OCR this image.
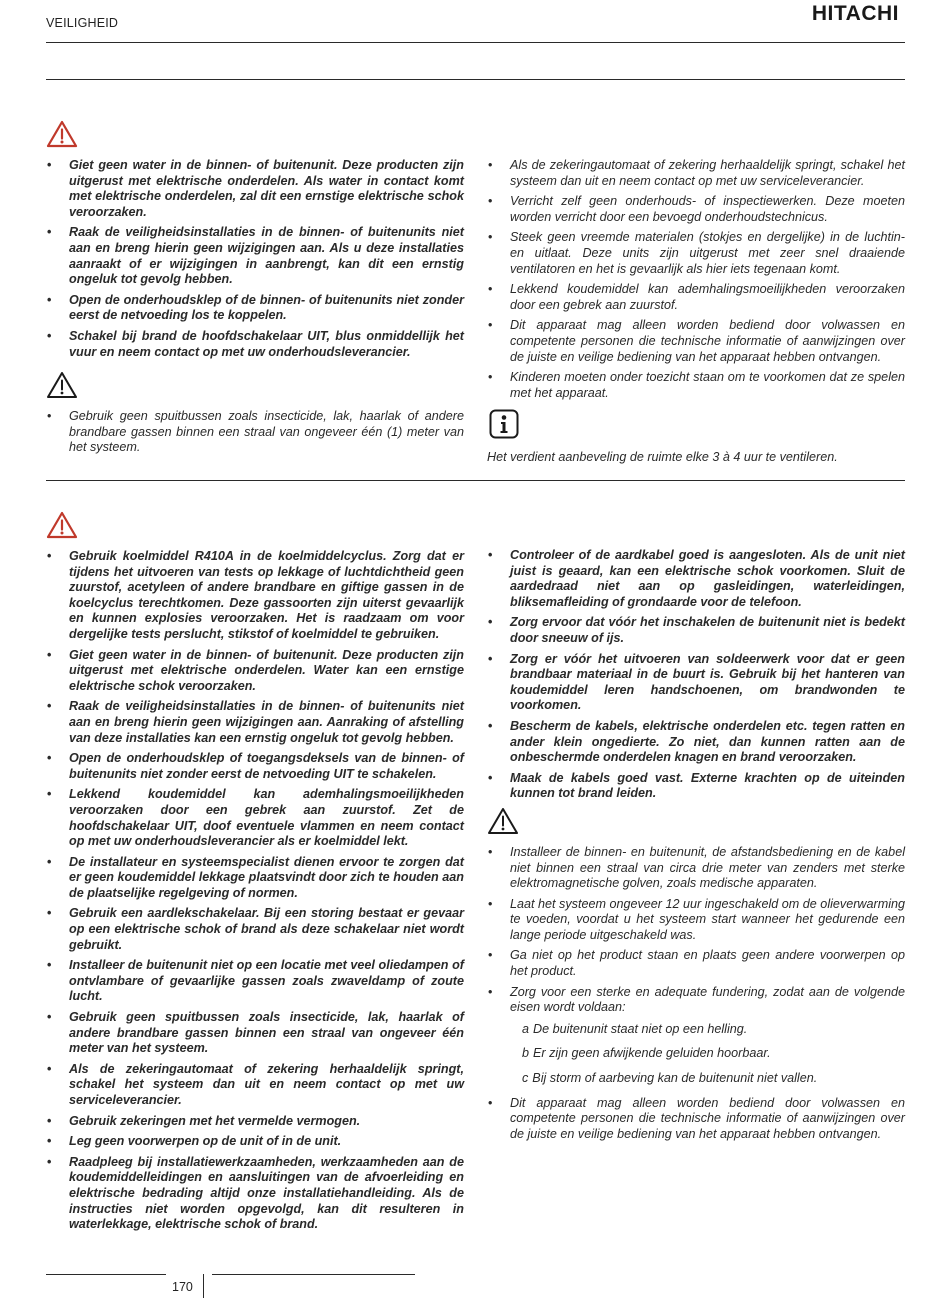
VEILIGHEID	HITACHI
• Giet geen water in de binnen- of buitenunit. Deze producten zijn uitgerust met elektrische onderdelen. Als water in contact komt met elektrische onderdelen, zal dit een ernstige elektrische schok veroorzaken.
• Raak de veiligheidsinstallaties in de binnen- of buitenunits niet aan en breng hierin geen wijzigingen aan. Als u deze installaties aanraakt of er wijzigingen in aanbrengt, kan dit een ernstig ongeluk tot gevolg hebben.
• Open de onderhoudsklep of de binnen- of buitenunits niet zonder eerst de netvoeding los te koppelen.
• Schakel bij brand de hoofdschakelaar UIT, blus onmiddellijk het vuur en neem contact op met uw onderhoudsleverancier.
• Gebruik geen spuitbussen zoals insecticide, lak, haarlak of andere brandbare gassen binnen een straal van ongeveer één (1) meter van het systeem.
• Als de zekeringautomaat of zekering herhaaldelijk springt, schakel het systeem dan uit en neem contact op met uw serviceleverancier.
• Verricht zelf geen onderhouds- of inspectiewerken. Deze moeten worden verricht door een bevoegd onderhoudstechnicus.
• Steek geen vreemde materialen (stokjes en dergelijke) in de luchtin- en uitlaat. Deze units zijn uitgerust met zeer snel draaiende ventilatoren en het is gevaarlijk als hier iets tegenaan komt.
• Lekkend koudemiddel kan ademhalingsmoeilijkheden veroorzaken door een gebrek aan zuurstof.
• Dit apparaat mag alleen worden bediend door volwassen en competente personen die technische informatie of aanwijzingen over de juiste en veilige bediening van het apparaat hebben ontvangen.
• Kinderen moeten onder toezicht staan om te voorkomen dat ze spelen met het apparaat.

Het verdient aanbeveling de ruimte elke 3 à 4 uur te ventileren.

• Gebruik koelmiddel R410A in de koelmiddelcyclus. Zorg dat er tijdens het uitvoeren van tests op lekkage of luchtdichtheid geen zuurstof, acetyleen of andere brandbare en giftige gassen in de koelcyclus terechtkomen. Deze gassoorten zijn uiterst gevaarlijk en kunnen explosies veroorzaken. Het is raadzaam om voor dergelijke tests perslucht, stikstof of koelmiddel te gebruiken.
• Giet geen water in de binnen- of buitenunit. Deze producten zijn uitgerust met elektrische onderdelen. Water kan een ernstige elektrische schok veroorzaken.
• Raak de veiligheidsinstallaties in de binnen- of buitenunits niet aan en breng hierin geen wijzigingen aan. Aanraking of afstelling van deze installaties kan een ernstig ongeluk tot gevolg hebben.
• Open de onderhoudsklep of toegangsdeksels van de binnen- of buitenunits niet zonder eerst de netvoeding UIT te schakelen.
• Lekkend koudemiddel kan ademhalingsmoeilijkheden veroorzaken door een gebrek aan zuurstof. Zet de hoofdschakelaar UIT, doof eventuele vlammen en neem contact op met uw onderhoudsleverancier als er koelmiddel lekt.
• De installateur en systeemspecialist dienen ervoor te zorgen dat er geen koudemiddel lekkage plaatsvindt door zich te houden aan de plaatselijke regelgeving of normen.
• Gebruik een aardlekschakelaar. Bij een storing bestaat er gevaar op een elektrische schok of brand als deze schakelaar niet wordt gebruikt.
• Installeer de buitenunit niet op een locatie met veel oliedampen of ontvlambare of gevaarlijke gassen zoals zwaveldamp of zoute lucht.
• Gebruik geen spuitbussen zoals insecticide, lak, haarlak of andere brandbare gassen binnen een straal van ongeveer één meter van het systeem.
• Als de zekeringautomaat of zekering herhaaldelijk springt, schakel het systeem dan uit en neem contact op met uw serviceleverancier.
• Gebruik zekeringen met het vermelde vermogen.
• Leg geen voorwerpen op de unit of in de unit.
• Raadpleeg bij installatiewerkzaamheden, werkzaamheden aan de koudemiddelleidingen en aansluitingen van de afvoerleiding en elektrische bedrading altijd onze installatiehandleiding. Als de instructies niet worden opgevolgd, kan dit resulteren in waterlekkage, elektrische schok of brand.
• Controleer of de aardkabel goed is aangesloten. Als de unit niet juist is geaard, kan een elektrische schok voorkomen. Sluit de aardedraad niet aan op gasleidingen, waterleidingen, bliksemafleiding of grondaarde voor de telefoon.
• Zorg ervoor dat vóór het inschakelen de buitenunit niet is bedekt door sneeuw of ijs.
• Zorg er vóór het uitvoeren van soldeerwerk voor dat er geen brandbaar materiaal in de buurt is. Gebruik bij het hanteren van koudemiddel leren handschoenen, om brandwonden te voorkomen.
• Bescherm de kabels, elektrische onderdelen etc. tegen ratten en ander klein ongedierte. Zo niet, dan kunnen ratten aan de onbeschermde onderdelen knagen en brand veroorzaken.
• Maak de kabels goed vast. Externe krachten op de uiteinden kunnen tot brand leiden.
• Installeer de binnen- en buitenunit, de afstandsbediening en de kabel niet binnen een straal van circa drie meter van zenders met sterke elektromagnetische golven, zoals medische apparaten.
• Laat het systeem ongeveer 12 uur ingeschakeld om de olieverwarming te voeden, voordat u het systeem start wanneer het gedurende een lange periode uitgeschakeld was.
• Ga niet op het product staan en plaats geen andere voorwerpen op het product.
• Zorg voor een sterke en adequate fundering, zodat aan de volgende eisen wordt voldaan:
a De buitenunit staat niet op een helling.
b Er zijn geen afwijkende geluiden hoorbaar.
c Bij storm of aarbeving kan de buitenunit niet vallen.
• Dit apparaat mag alleen worden bediend door volwassen en competente personen die technische informatie of aanwijzingen over de juiste en veilige bediening van het apparaat hebben ontvangen.
170
